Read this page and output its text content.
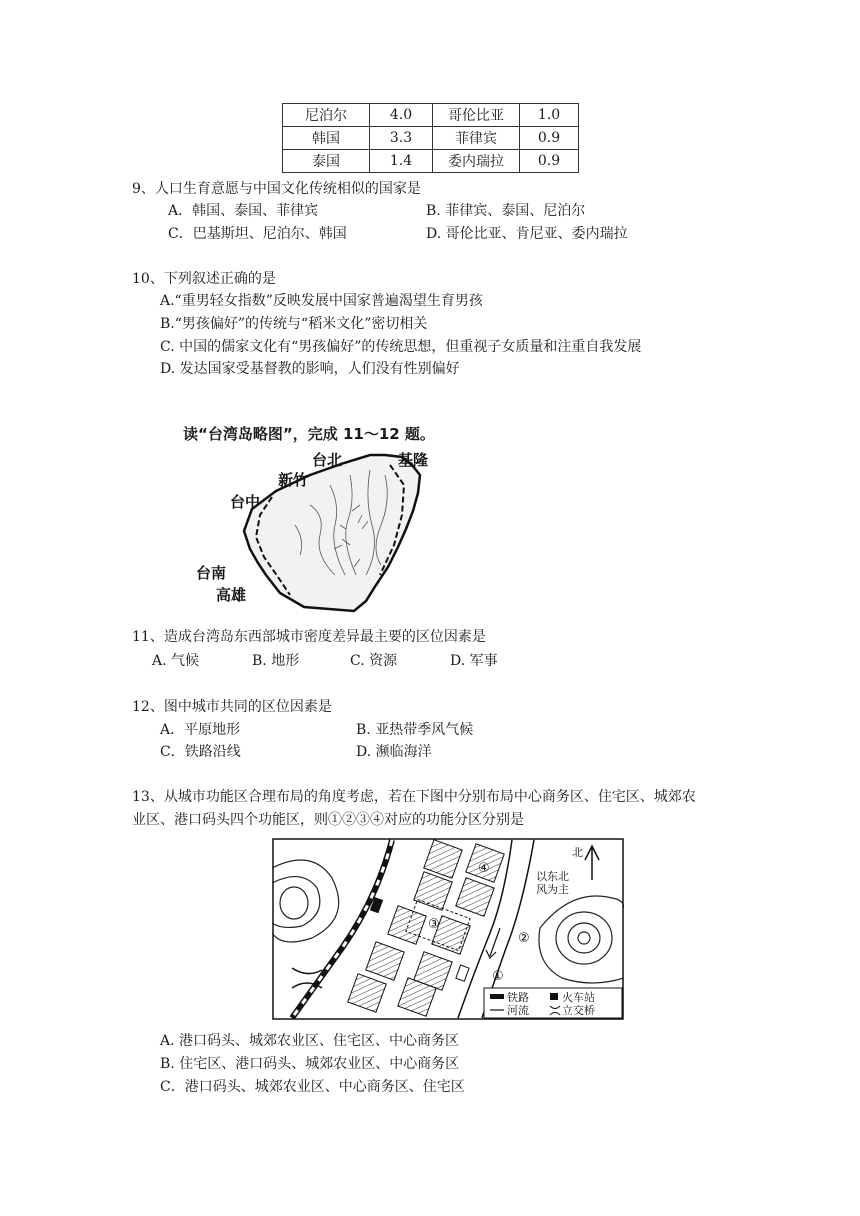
尼泊尔	4.0	哥伦比亚	1.0
韩国	3.3	菲律宾	0.9
泰国	1.4	委内瑞拉	0.9
9、人口生育意愿与中国文化传统相似的国家是
A．韩国、泰国、菲律宾	B. 菲律宾、泰国、尼泊尔
C．巴基斯坦、尼泊尔、韩国	D. 哥伦比亚、肯尼亚、委内瑞拉
10、下列叙述正确的是
A.“重男轻女指数”反映发展中国家普遍渴望生育男孩
B.“男孩偏好”的传统与“稻米文化”密切相关
C. 中国的儒家文化有“男孩偏好”的传统思想，但重视子女质量和注重自我发展
D. 发达国家受基督教的影响，人们没有性别偏好
读“台湾岛略图”，完成 11～12 题。
台北	基隆
新竹
台中
台南
高雄
11、造成台湾岛东西部城市密度差异最主要的区位因素是
A. 气候	B. 地形	C. 资源	D. 军事
12、图中城市共同的区位因素是
A．平原地形	B. 亚热带季风气候
C．铁路沿线	D. 濒临海洋
13、从城市功能区合理布局的角度考虑，若在下图中分别布局中心商务区、住宅区、城郊农
业区、港口码头四个功能区，则①②③④对应的功能分区分别是
④
③
②
①
北
以东北
风为主
铁路	火车站
河流	立交桥
A. 港口码头、城郊农业区、住宅区、中心商务区
B. 住宅区、港口码头、城郊农业区、中心商务区
C．港口码头、城郊农业区、中心商务区、住宅区
